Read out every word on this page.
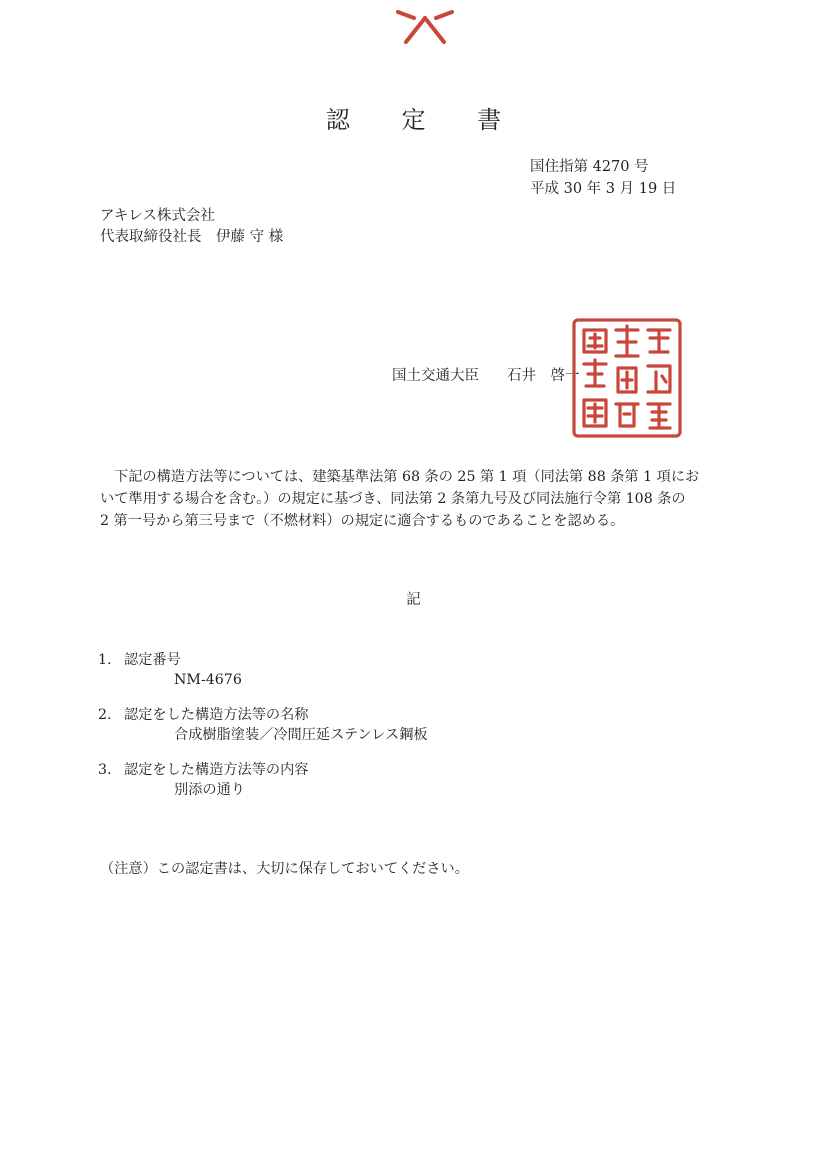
認 定 書
国住指第 4270 号
平成 30 年 3 月 19 日
アキレス株式会社
代表取締役社長　伊藤 守 様
国土交通大臣 石井　啓一
下記の構造方法等については、建築基準法第 68 条の 25 第 1 項（同法第 88 条第 1 項にお
いて準用する場合を含む。）の規定に基づき、同法第 2 条第九号及び同法施行令第 108 条の
2 第一号から第三号まで（不燃材料）の規定に適合するものであることを認める。
記
1. 認定番号
NM-4676
2. 認定をした構造方法等の名称
合成樹脂塗装／冷間圧延ステンレス鋼板
3. 認定をした構造方法等の内容
別添の通り
（注意）この認定書は、大切に保存しておいてください。
